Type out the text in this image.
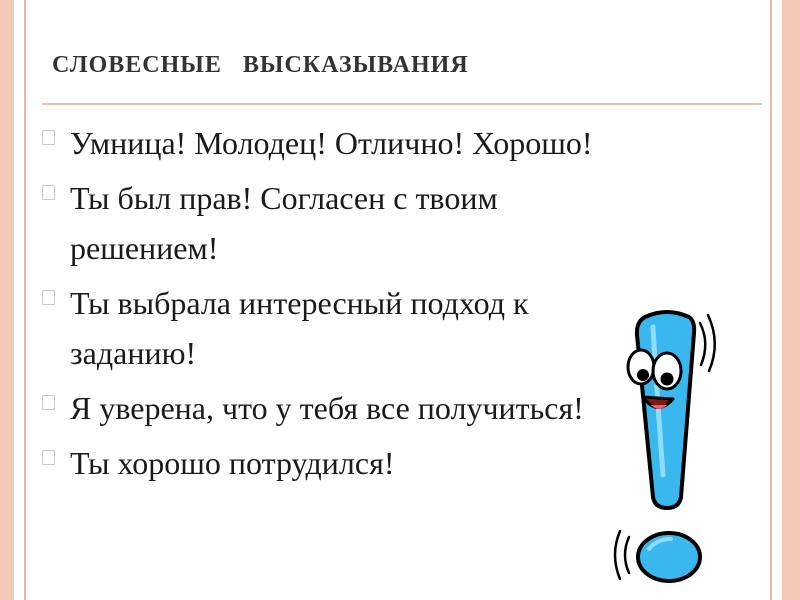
СЛОВЕСНЫЕ   ВЫСКАЗЫВАНИЯ
Умница! Молодец! Отлично! Хорошо!
Ты был прав! Согласен с твоим решением!
Ты выбрала интересный подход к заданию!
Я уверена, что у тебя все получиться!
Ты хорошо потрудился!
